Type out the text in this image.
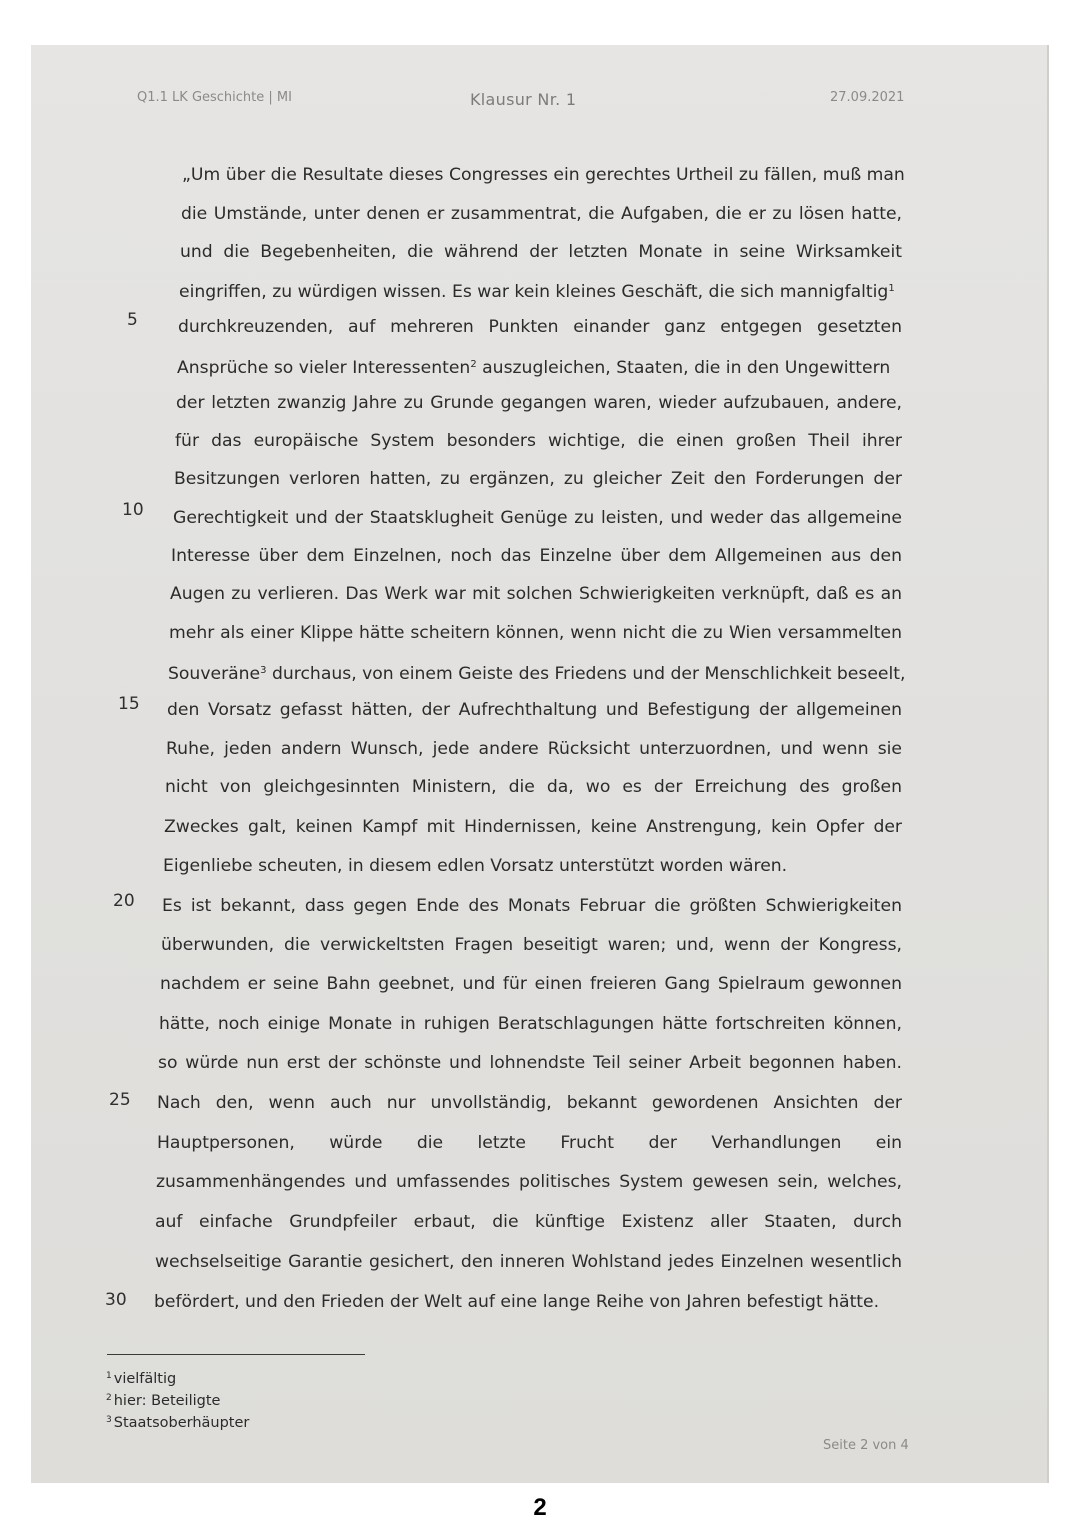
Q1.1 LK Geschichte | MI	Klausur Nr. 1	27.09.2021
„Um über die Resultate dieses Congresses ein gerechtes Urtheil zu fällen, muß man
die Umstände, unter denen er zusammentrat, die Aufgaben, die er zu lösen hatte,
und die Begebenheiten, die während der letzten Monate in seine Wirksamkeit
eingriffen, zu würdigen wissen. Es war kein kleines Geschäft, die sich mannigfaltig$^1$
durchkreuzenden, auf mehreren Punkten einander ganz entgegen gesetzten
Ansprüche so vieler Interessenten$^2$ auszugleichen, Staaten, die in den Ungewittern
der letzten zwanzig Jahre zu Grunde gegangen waren, wieder aufzubauen, andere,
für das europäische System besonders wichtige, die einen großen Theil ihrer
Besitzungen verloren hatten, zu ergänzen, zu gleicher Zeit den Forderungen der
Gerechtigkeit und der Staatsklugheit Genüge zu leisten, und weder das allgemeine
Interesse über dem Einzelnen, noch das Einzelne über dem Allgemeinen aus den
Augen zu verlieren. Das Werk war mit solchen Schwierigkeiten verknüpft, daß es an
mehr als einer Klippe hätte scheitern können, wenn nicht die zu Wien versammelten
Souveräne$^3$ durchaus, von einem Geiste des Friedens und der Menschlichkeit beseelt,
den Vorsatz gefasst hätten, der Aufrechthaltung und Befestigung der allgemeinen
Ruhe, jeden andern Wunsch, jede andere Rücksicht unterzuordnen, und wenn sie
nicht von gleichgesinnten Ministern, die da, wo es der Erreichung des großen
Zweckes galt, keinen Kampf mit Hindernissen, keine Anstrengung, kein Opfer der
Eigenliebe scheuten, in diesem edlen Vorsatz unterstützt worden wären.
Es ist bekannt, dass gegen Ende des Monats Februar die größten Schwierigkeiten
überwunden, die verwickeltsten Fragen beseitigt waren; und, wenn der Kongress,
nachdem er seine Bahn geebnet, und für einen freieren Gang Spielraum gewonnen
hätte, noch einige Monate in ruhigen Beratschlagungen hätte fortschreiten können,
so würde nun erst der schönste und lohnendste Teil seiner Arbeit begonnen haben.
Nach den, wenn auch nur unvollständig, bekannt gewordenen Ansichten der
Hauptpersonen, würde die letzte Frucht der Verhandlungen ein
zusammenhängendes und umfassendes politisches System gewesen sein, welches,
auf einfache Grundpfeiler erbaut, die künftige Existenz aller Staaten, durch
wechselseitige Garantie gesichert, den inneren Wohlstand jedes Einzelnen wesentlich
befördert, und den Frieden der Welt auf eine lange Reihe von Jahren befestigt hätte.
5
10
15
20
25
30
$^1$ vielfältig
$^2$ hier: Beteiligte
$^3$ Staatsoberhäupter
Seite 2 von 4
2
